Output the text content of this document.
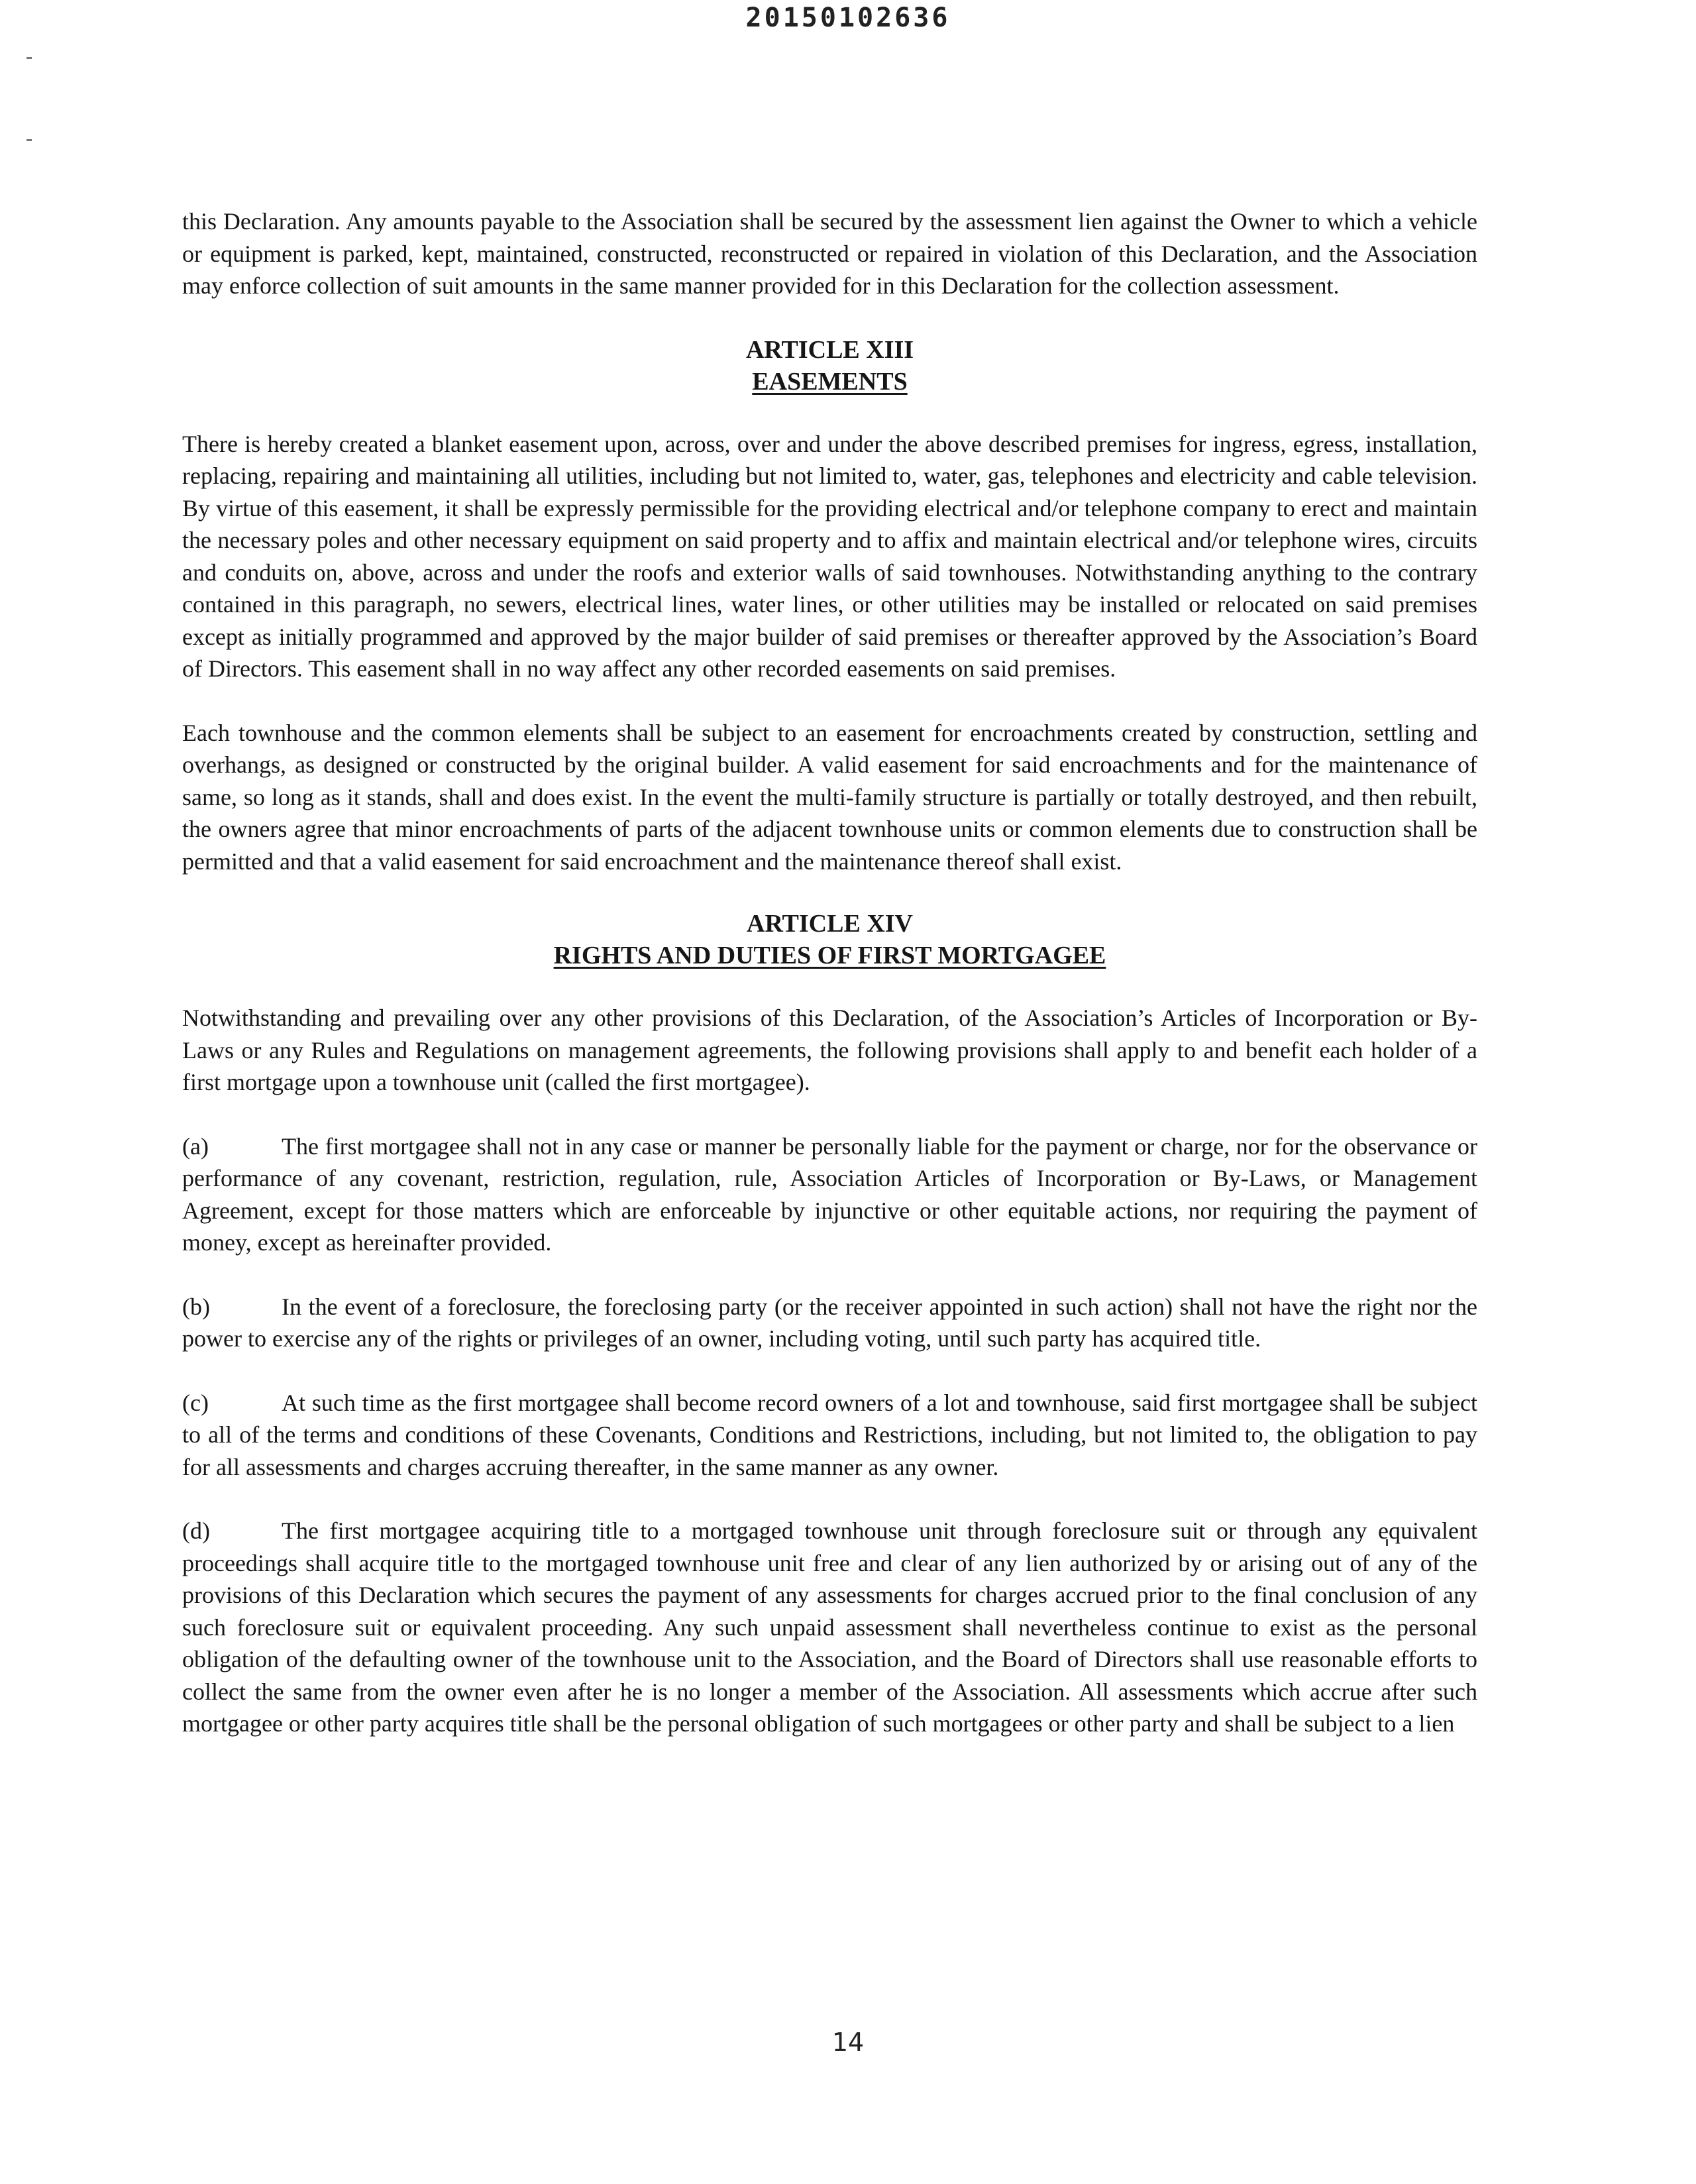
20150102636

this Declaration. Any amounts payable to the Association shall be secured by the assessment lien against the Owner to which a vehicle or equipment is parked, kept, maintained, constructed, reconstructed or repaired in violation of this Declaration, and the Association may enforce collection of suit amounts in the same manner provided for in this Declaration for the collection assessment.

ARTICLE XIII

EASEMENTS

There is hereby created a blanket easement upon, across, over and under the above described premises for ingress, egress, installation, replacing, repairing and maintaining all utilities, including but not limited to, water, gas, telephones and electricity and cable television. By virtue of this easement, it shall be expressly permissible for the providing electrical and/or telephone company to erect and maintain the necessary poles and other necessary equipment on said property and to affix and maintain electrical and/or telephone wires, circuits and conduits on, above, across and under the roofs and exterior walls of said townhouses. Notwithstanding anything to the contrary contained in this paragraph, no sewers, electrical lines, water lines, or other utilities may be installed or relocated on said premises except as initially programmed and approved by the major builder of said premises or thereafter approved by the Association’s Board of Directors. This easement shall in no way affect any other recorded easements on said premises.

Each townhouse and the common elements shall be subject to an easement for encroachments created by construction, settling and overhangs, as designed or constructed by the original builder. A valid easement for said encroachments and for the maintenance of same, so long as it stands, shall and does exist. In the event the multi-family structure is partially or totally destroyed, and then rebuilt, the owners agree that minor encroachments of parts of the adjacent townhouse units or common elements due to construction shall be permitted and that a valid easement for said encroachment and the maintenance thereof shall exist.

ARTICLE XIV

RIGHTS AND DUTIES OF FIRST MORTGAGEE

Notwithstanding and prevailing over any other provisions of this Declaration, of the Association’s Articles of Incorporation or By-Laws or any Rules and Regulations on management agreements, the following provisions shall apply to and benefit each holder of a first mortgage upon a townhouse unit (called the first mortgagee).

(a)	The first mortgagee shall not in any case or manner be personally liable for the payment or charge, nor for the observance or performance of any covenant, restriction, regulation, rule, Association Articles of Incorporation or By-Laws, or Management Agreement, except for those matters which are enforceable by injunctive or other equitable actions, nor requiring the payment of money, except as hereinafter provided.

(b)	In the event of a foreclosure, the foreclosing party (or the receiver appointed in such action) shall not have the right nor the power to exercise any of the rights or privileges of an owner, including voting, until such party has acquired title.

(c)	At such time as the first mortgagee shall become record owners of a lot and townhouse, said first mortgagee shall be subject to all of the terms and conditions of these Covenants, Conditions and Restrictions, including, but not limited to, the obligation to pay for all assessments and charges accruing thereafter, in the same manner as any owner.

(d)	The first mortgagee acquiring title to a mortgaged townhouse unit through foreclosure suit or through any equivalent proceedings shall acquire title to the mortgaged townhouse unit free and clear of any lien authorized by or arising out of any of the provisions of this Declaration which secures the payment of any assessments for charges accrued prior to the final conclusion of any such foreclosure suit or equivalent proceeding. Any such unpaid assessment shall nevertheless continue to exist as the personal obligation of the defaulting owner of the townhouse unit to the Association, and the Board of Directors shall use reasonable efforts to collect the same from the owner even after he is no longer a member of the Association. All assessments which accrue after such mortgagee or other party acquires title shall be the personal obligation of such mortgagees or other party and shall be subject to a lien

14
